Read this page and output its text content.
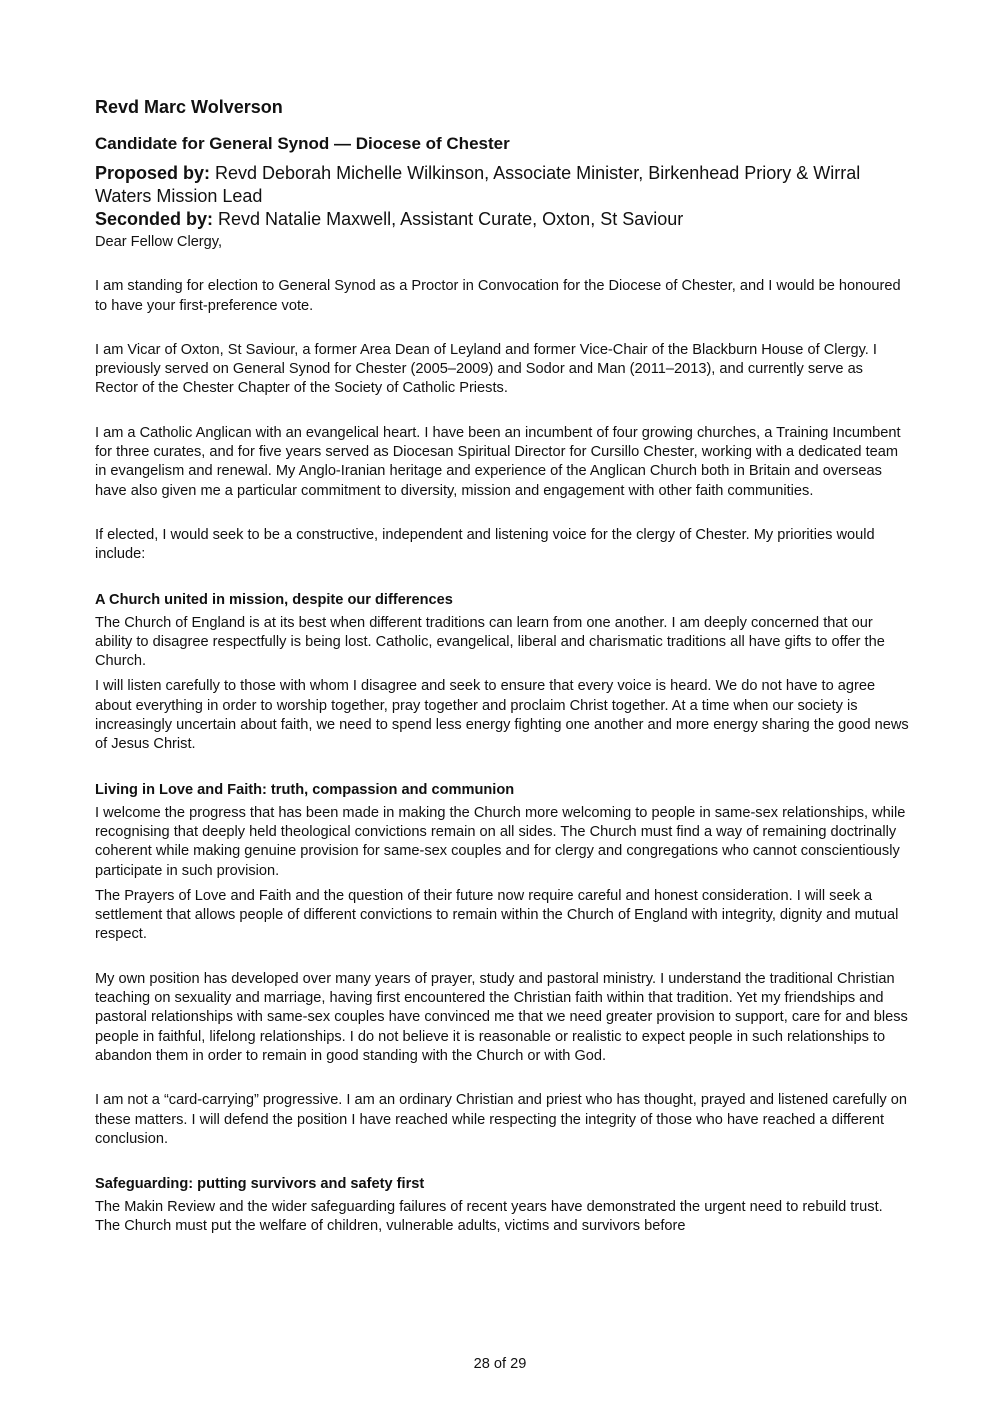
Revd Marc Wolverson
Candidate for General Synod — Diocese of Chester
Proposed by: Revd Deborah Michelle Wilkinson, Associate Minister, Birkenhead Priory & Wirral Waters Mission Lead
Seconded by: Revd Natalie Maxwell, Assistant Curate, Oxton, St Saviour

Dear Fellow Clergy,

I am standing for election to General Synod as a Proctor in Convocation for the Diocese of Chester, and I would be honoured to have your first-preference vote.

I am Vicar of Oxton, St Saviour, a former Area Dean of Leyland and former Vice-Chair of the Blackburn House of Clergy. I previously served on General Synod for Chester (2005–2009) and Sodor and Man (2011–2013), and currently serve as Rector of the Chester Chapter of the Society of Catholic Priests.

I am a Catholic Anglican with an evangelical heart. I have been an incumbent of four growing churches, a Training Incumbent for three curates, and for five years served as Diocesan Spiritual Director for Cursillo Chester, working with a dedicated team in evangelism and renewal. My Anglo-Iranian heritage and experience of the Anglican Church both in Britain and overseas have also given me a particular commitment to diversity, mission and engagement with other faith communities.

If elected, I would seek to be a constructive, independent and listening voice for the clergy of Chester. My priorities would include:

A Church united in mission, despite our differences

The Church of England is at its best when different traditions can learn from one another. I am deeply concerned that our ability to disagree respectfully is being lost. Catholic, evangelical, liberal and charismatic traditions all have gifts to offer the Church.

I will listen carefully to those with whom I disagree and seek to ensure that every voice is heard. We do not have to agree about everything in order to worship together, pray together and proclaim Christ together. At a time when our society is increasingly uncertain about faith, we need to spend less energy fighting one another and more energy sharing the good news of Jesus Christ.

Living in Love and Faith: truth, compassion and communion

I welcome the progress that has been made in making the Church more welcoming to people in same-sex relationships, while recognising that deeply held theological convictions remain on all sides. The Church must find a way of remaining doctrinally coherent while making genuine provision for same-sex couples and for clergy and congregations who cannot conscientiously participate in such provision.

The Prayers of Love and Faith and the question of their future now require careful and honest consideration. I will seek a settlement that allows people of different convictions to remain within the Church of England with integrity, dignity and mutual respect.

My own position has developed over many years of prayer, study and pastoral ministry. I understand the traditional Christian teaching on sexuality and marriage, having first encountered the Christian faith within that tradition. Yet my friendships and pastoral relationships with same-sex couples have convinced me that we need greater provision to support, care for and bless people in faithful, lifelong relationships. I do not believe it is reasonable or realistic to expect people in such relationships to abandon them in order to remain in good standing with the Church or with God.

I am not a “card-carrying” progressive. I am an ordinary Christian and priest who has thought, prayed and listened carefully on these matters. I will defend the position I have reached while respecting the integrity of those who have reached a different conclusion.

Safeguarding: putting survivors and safety first

The Makin Review and the wider safeguarding failures of recent years have demonstrated the urgent need to rebuild trust. The Church must put the welfare of children, vulnerable adults, victims and survivors before

28 of 29
